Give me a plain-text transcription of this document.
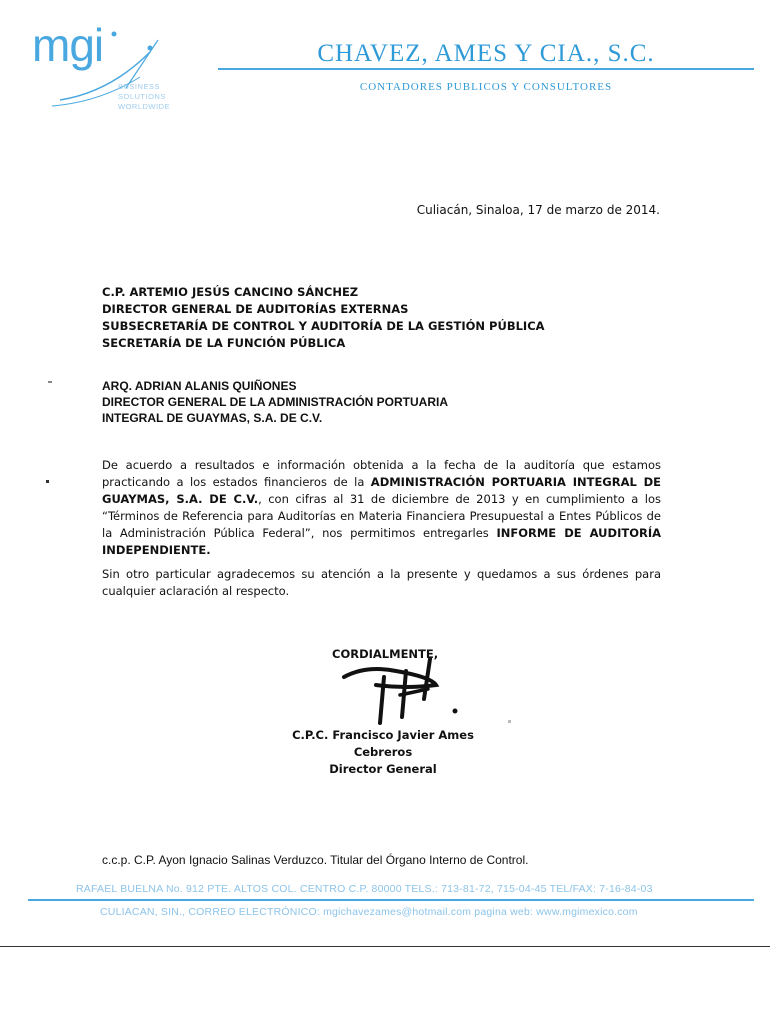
mgi
BUSINESS SOLUTIONS
WORLDWIDE
CHAVEZ, AMES Y CIA., S.C.
CONTADORES PUBLICOS Y CONSULTORES
Culiacán, Sinaloa, 17 de marzo de 2014.
C.P. ARTEMIO JESÚS CANCINO SÁNCHEZ
DIRECTOR GENERAL DE AUDITORÍAS EXTERNAS
SUBSECRETARÍA DE CONTROL Y AUDITORÍA DE LA GESTIÓN PÚBLICA
SECRETARÍA DE LA FUNCIÓN PÚBLICA
ARQ. ADRIAN ALANIS QUIÑONES
DIRECTOR GENERAL DE LA ADMINISTRACIÓN PORTUARIA
INTEGRAL DE GUAYMAS, S.A. DE C.V.
De acuerdo a resultados e información obtenida a la fecha de la auditoría que estamos practicando a los estados financieros de la ADMINISTRACIÓN PORTUARIA INTEGRAL DE GUAYMAS, S.A. DE C.V., con cifras al 31 de diciembre de 2013 y en cumplimiento a los “Términos de Referencia para Auditorías en Materia Financiera Presupuestal a Entes Públicos de la Administración Pública Federal”, nos permitimos entregarles INFORME DE AUDITORÍA INDEPENDIENTE.
Sin otro particular agradecemos su atención a la presente y quedamos a sus órdenes para cualquier aclaración al respecto.
CORDIALMENTE,
C.P.C. Francisco Javier Ames Cebreros
Director General
c.c.p. C.P. Ayon Ignacio Salinas Verduzco. Titular del Órgano Interno de Control.
RAFAEL BUELNA No. 912 PTE. ALTOS COL. CENTRO C.P. 80000 TELS.: 713-81-72, 715-04-45 TEL/FAX: 7-16-84-03
CULIACAN, SIN., CORREO ELECTRÓNICO: mgichavezames@hotmail.com pagina web: www.mgimexico.com
